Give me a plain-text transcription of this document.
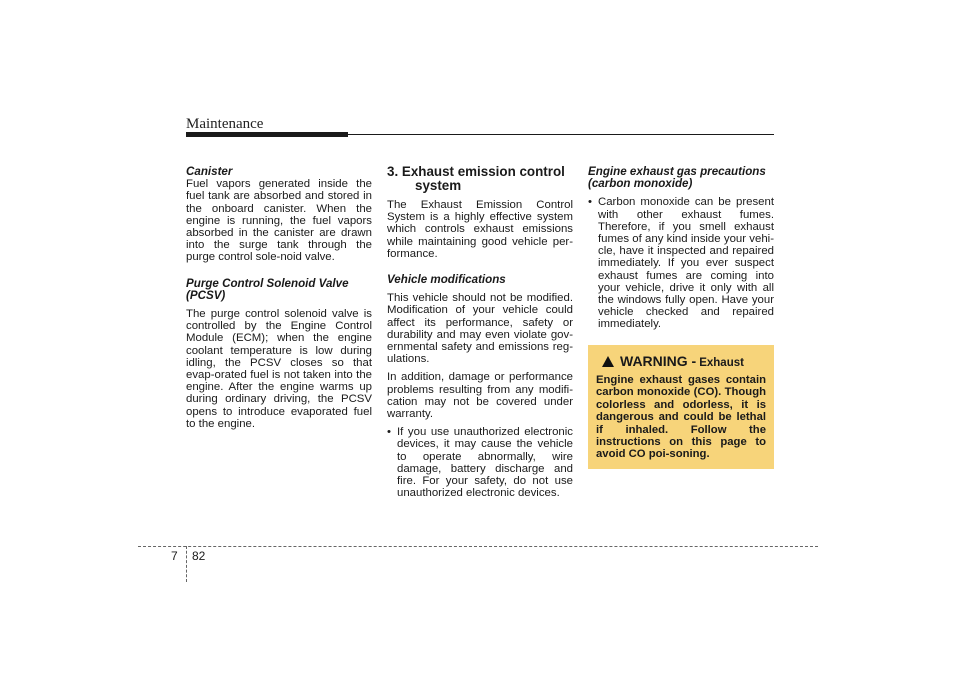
Maintenance
Canister

Fuel vapors generated inside the fuel tank are absorbed and stored in the onboard canister. When the engine is running, the fuel vapors absorbed in the canister are drawn into the surge tank through the purge control sole-noid valve.

Purge Control Solenoid Valve (PCSV)

The purge control solenoid valve is controlled by the Engine Control Module (ECM); when the engine coolant temperature is low during idling, the PCSV closes so that evap-orated fuel is not taken into the engine. After the engine warms up during ordinary driving, the PCSV opens to introduce evaporated fuel to the engine.

3. Exhaust emission control
system

The Exhaust Emission Control System is a highly effective system which controls exhaust emissions while maintaining good vehicle per-formance.

Vehicle modifications

This vehicle should not be modified. Modification of your vehicle could affect its performance, safety or durability and may even violate gov-ernmental safety and emissions reg-ulations.

In addition, damage or performance problems resulting from any modifi-cation may not be covered under warranty.

• If you use unauthorized electronic devices, it may cause the vehicle to operate abnormally, wire damage, battery discharge and fire. For your safety, do not use unauthorized electronic devices.
Engine exhaust gas precautions (carbon monoxide)
• Carbon monoxide can be present with other exhaust fumes. Therefore, if you smell exhaust fumes of any kind inside your vehi-cle, have it inspected and repaired immediately. If you ever suspect exhaust fumes are coming into your vehicle, drive it only with all the windows fully open. Have your vehicle checked and repaired immediately.
WARNING - Exhaust
Engine exhaust gases contain carbon monoxide (CO). Though colorless and odorless, it is dangerous and could be lethal if inhaled. Follow the instructions on this page to avoid CO poi-soning.
7 82
